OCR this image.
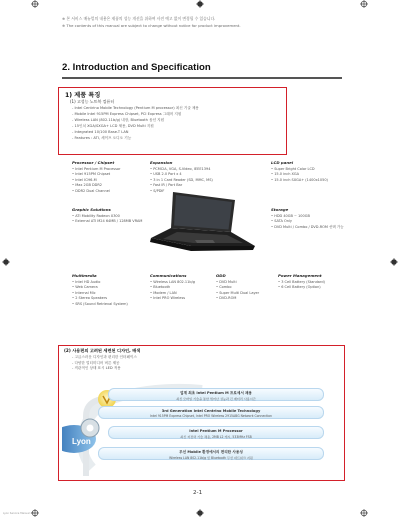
※ 본 서비스 매뉴얼의 내용은 제품의 성능 개선을 위하여 사전 예고 없이 변경될 수 있습니다.
※ The contents of this manual are subject to change without notice for product improvement.
2. Introduction and Specification
1) 제품 특징
(1) 고성능 노트북 컴퓨터
- Intel Centrino Mobile Technology (Pentium M processor) 최신 기술 채용
- Mobile Intel 915PM Express Chipset, PCI Express 그래픽 지원
- Wireless LAN (802.11b/g) 내장, Bluetooth 옵션 지원
- 15인치 XGA/SXGA+ LCD 채용, DVD Multi 지원
- Integrated 10/100 Base-T LAN
- Features : ATI, 세이프 오디오 기능
Processor / Chipset
• Intel Pentium M Processor
• Intel 915PM Chipset
• Intel ICH6-M
• Max 2GB DDR2
• DDR2 Dual Channel
Expansion
• PCMCIA, VGA, S-Video, IEEE1394
• USB 2.0 Port x 4
• 3 in 1 Card Reader (SD, MMC, MS)
• Fast IR / Port Bar
• S/PDIF
LCD panel
• Super Bright Color LCD
• 15.0 inch XGA
• 15.0 inch SXGA+ (1400x1050)
Graphic Solutions
• ATI Mobility Radeon X300
• External ATI M24 64MB / 128MB VRAM
Storage
• HDD 40GB ~ 100GB
• SATA Only
• DVD Multi / Combo / DVD-ROM 선택 가능
Multimedia
• Intel HD Audio
• Web Camera
• Internal Mic
• 2 Stereo Speakers
• SRS (Sound Retrieval System)
Communications
• Wireless LAN 802.11b/g
• Bluetooth
• Modem / LAN
• Intel PRO Wireless
ODD
• DVD Multi
• Combo
• Super Multi Dual Layer
• DVD-ROM
Power Management
• 3 Cell Battery (Standard)
• 6 Cell Battery (Option)
(2) 사용편의 고려된 세련된 디자인, 배색
- 고급스러운 디자인과 편리한 인터페이스
- 다양한 멀티미디어 버튼 제공
- 직관적인 상태 표시 LED 적용
업계 최초 Intel Pentium M 프로세서 채용
최신 모바일 기술을 통한 뛰어난 성능과 긴 배터리 사용시간
3rd Generation Intel Centrino Mobile Technology
Intel 915PM Express Chipset, Intel PRO Wireless 2915ABG Network Connection
Intel Pentium M Processor
최신 저전력 기술 채용, 2MB L2 캐시, 533MHz FSB
무선 Mobile 환경에서의 편리한 사용성
Wireless LAN 802.11b/g 및 Bluetooth 무선 네트워크 지원
Lyon
2-1
Lyon Service Manual 2-1
